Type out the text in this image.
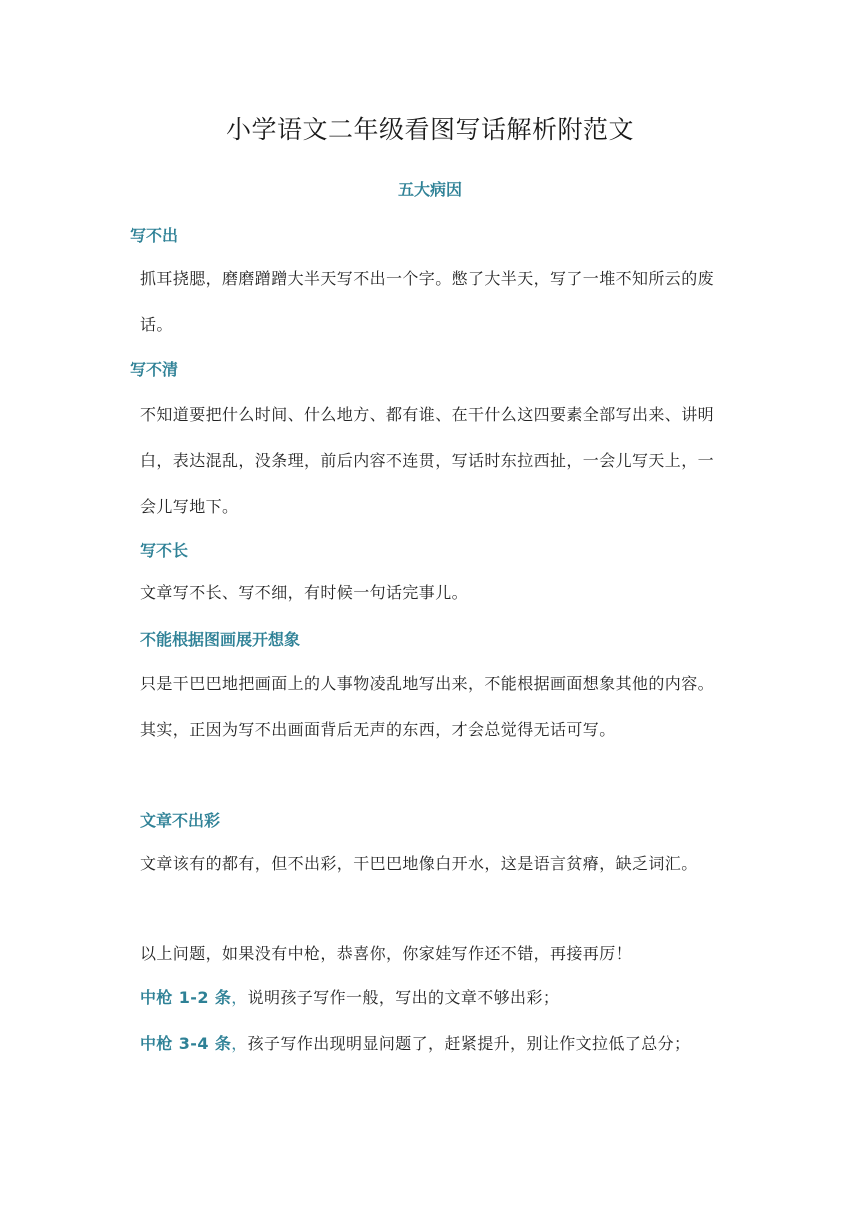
小学语文二年级看图写话解析附范文
五大病因
写不出
抓耳挠腮，磨磨蹭蹭大半天写不出一个字。憋了大半天，写了一堆不知所云的废话。
写不清
不知道要把什么时间、什么地方、都有谁、在干什么这四要素全部写出来、讲明白，表达混乱，没条理，前后内容不连贯，写话时东拉西扯，一会儿写天上，一会儿写地下。
写不长
文章写不长、写不细，有时候一句话完事儿。
不能根据图画展开想象
只是干巴巴地把画面上的人事物凌乱地写出来，不能根据画面想象其他的内容。其实，正因为写不出画面背后无声的东西，才会总觉得无话可写。
文章不出彩
文章该有的都有，但不出彩，干巴巴地像白开水，这是语言贫瘠，缺乏词汇。
以上问题，如果没有中枪，恭喜你，你家娃写作还不错，再接再厉！
中枪 1-2 条，说明孩子写作一般，写出的文章不够出彩；
中枪 3-4 条，孩子写作出现明显问题了，赶紧提升，别让作文拉低了总分；
